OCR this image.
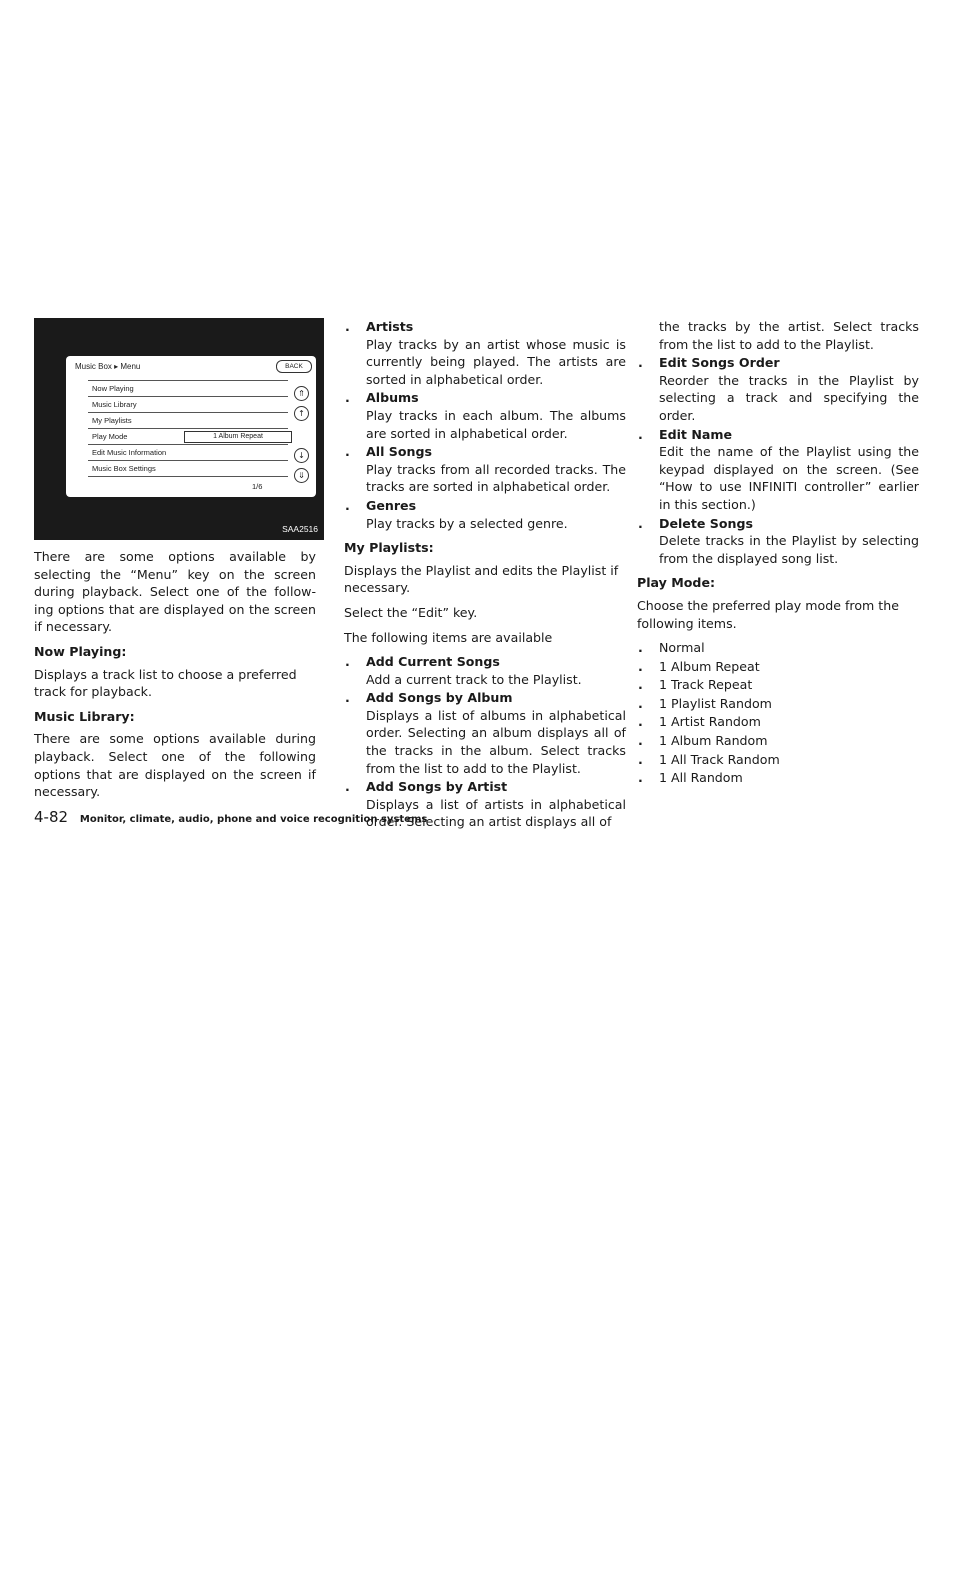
Music Box ▸ Menu	BACK
Now Playing
Music Library
My Playlists
Play Mode	1 Album Repeat
Edit Music Information
Music Box Settings
⇑
↑
↓
⇓
1/6
SAA2516

There are some options available by selecting the “Menu” key on the screen during playback. Select one of the follow- ing options that are displayed on the screen if necessary.

Now Playing:

Displays a track list to choose a preferred track for playback.

Music Library:

There are some options available during playback. Select one of the following options that are displayed on the screen if necessary.

. Artists
Play tracks by an artist whose music is currently being played. The artists are sorted in alphabetical order.
. Albums
Play tracks in each album. The albums are sorted in alphabetical order.
. All Songs
Play tracks from all recorded tracks. The tracks are sorted in alphabetical order.
. Genres
Play tracks by a selected genre.

My Playlists:

Displays the Playlist and edits the Playlist if necessary.

Select the “Edit” key.

The following items are available

. Add Current Songs
Add a current track to the Playlist.
. Add Songs by Album
Displays a list of albums in alphabetical order. Selecting an album displays all of the tracks in the album. Select tracks from the list to add to the Playlist.
. Add Songs by Artist
Displays a list of artists in alphabetical order. Selecting an artist displays all of
the tracks by the artist. Select tracks from the list to add to the Playlist.
. Edit Songs Order
Reorder the tracks in the Playlist by selecting a track and specifying the order.
. Edit Name
Edit the name of the Playlist using the keypad displayed on the screen. (See “How to use INFINITI controller” earlier in this section.)
. Delete Songs
Delete tracks in the Playlist by selecting from the displayed song list.

Play Mode:

Choose the preferred play mode from the following items.

. Normal
. 1 Album Repeat
. 1 Track Repeat
. 1 Playlist Random
. 1 Artist Random
. 1 Album Random
. 1 All Track Random
. 1 All Random
4-82 Monitor, climate, audio, phone and voice recognition systems
